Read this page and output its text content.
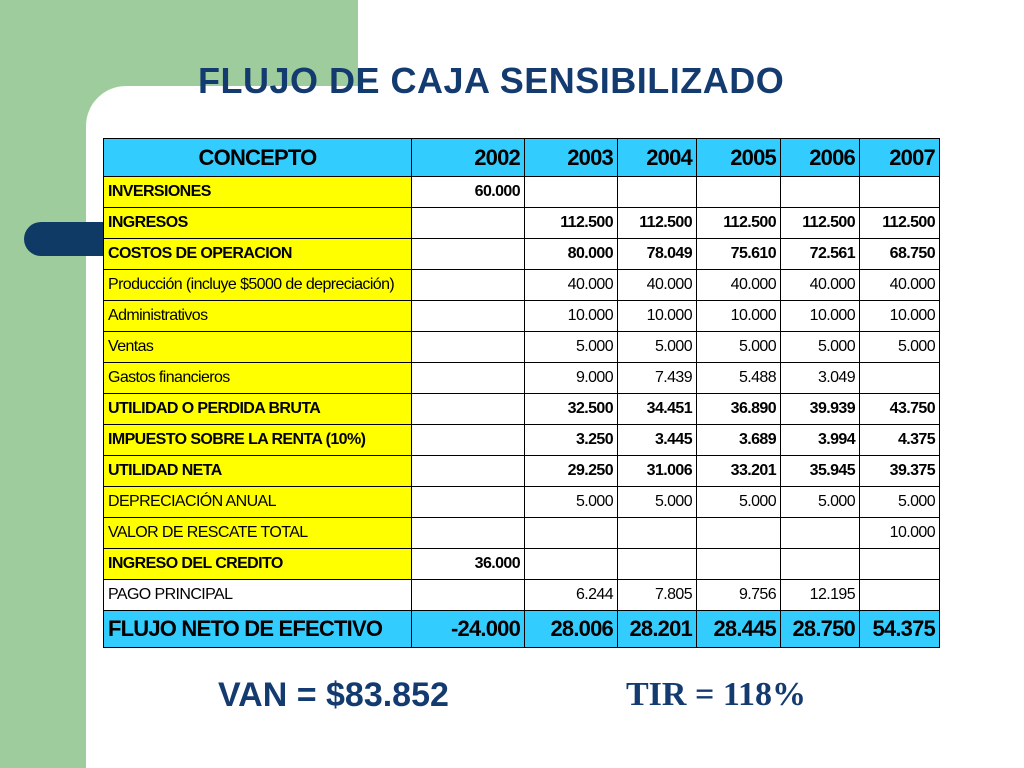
FLUJO DE CAJA SENSIBILIZADO
CONCEPTO	2002	2003	2004	2005	2006	2007
INVERSIONES	60.000					
INGRESOS		112.500	112.500	112.500	112.500	112.500
COSTOS DE OPERACION		80.000	78.049	75.610	72.561	68.750
Producción (incluye $5000 de depreciación)		40.000	40.000	40.000	40.000	40.000
Administrativos		10.000	10.000	10.000	10.000	10.000
Ventas		5.000	5.000	5.000	5.000	5.000
Gastos financieros		9.000	7.439	5.488	3.049	
UTILIDAD O PERDIDA BRUTA		32.500	34.451	36.890	39.939	43.750
IMPUESTO SOBRE LA RENTA (10%)		3.250	3.445	3.689	3.994	4.375
UTILIDAD NETA		29.250	31.006	33.201	35.945	39.375
DEPRECIACIÓN ANUAL		5.000	5.000	5.000	5.000	5.000
VALOR DE RESCATE TOTAL						10.000
INGRESO DEL CREDITO	36.000					
PAGO PRINCIPAL		6.244	7.805	9.756	12.195	
FLUJO NETO DE EFECTIVO	-24.000	28.006	28.201	28.445	28.750	54.375
VAN = $83.852	TIR = 118%
